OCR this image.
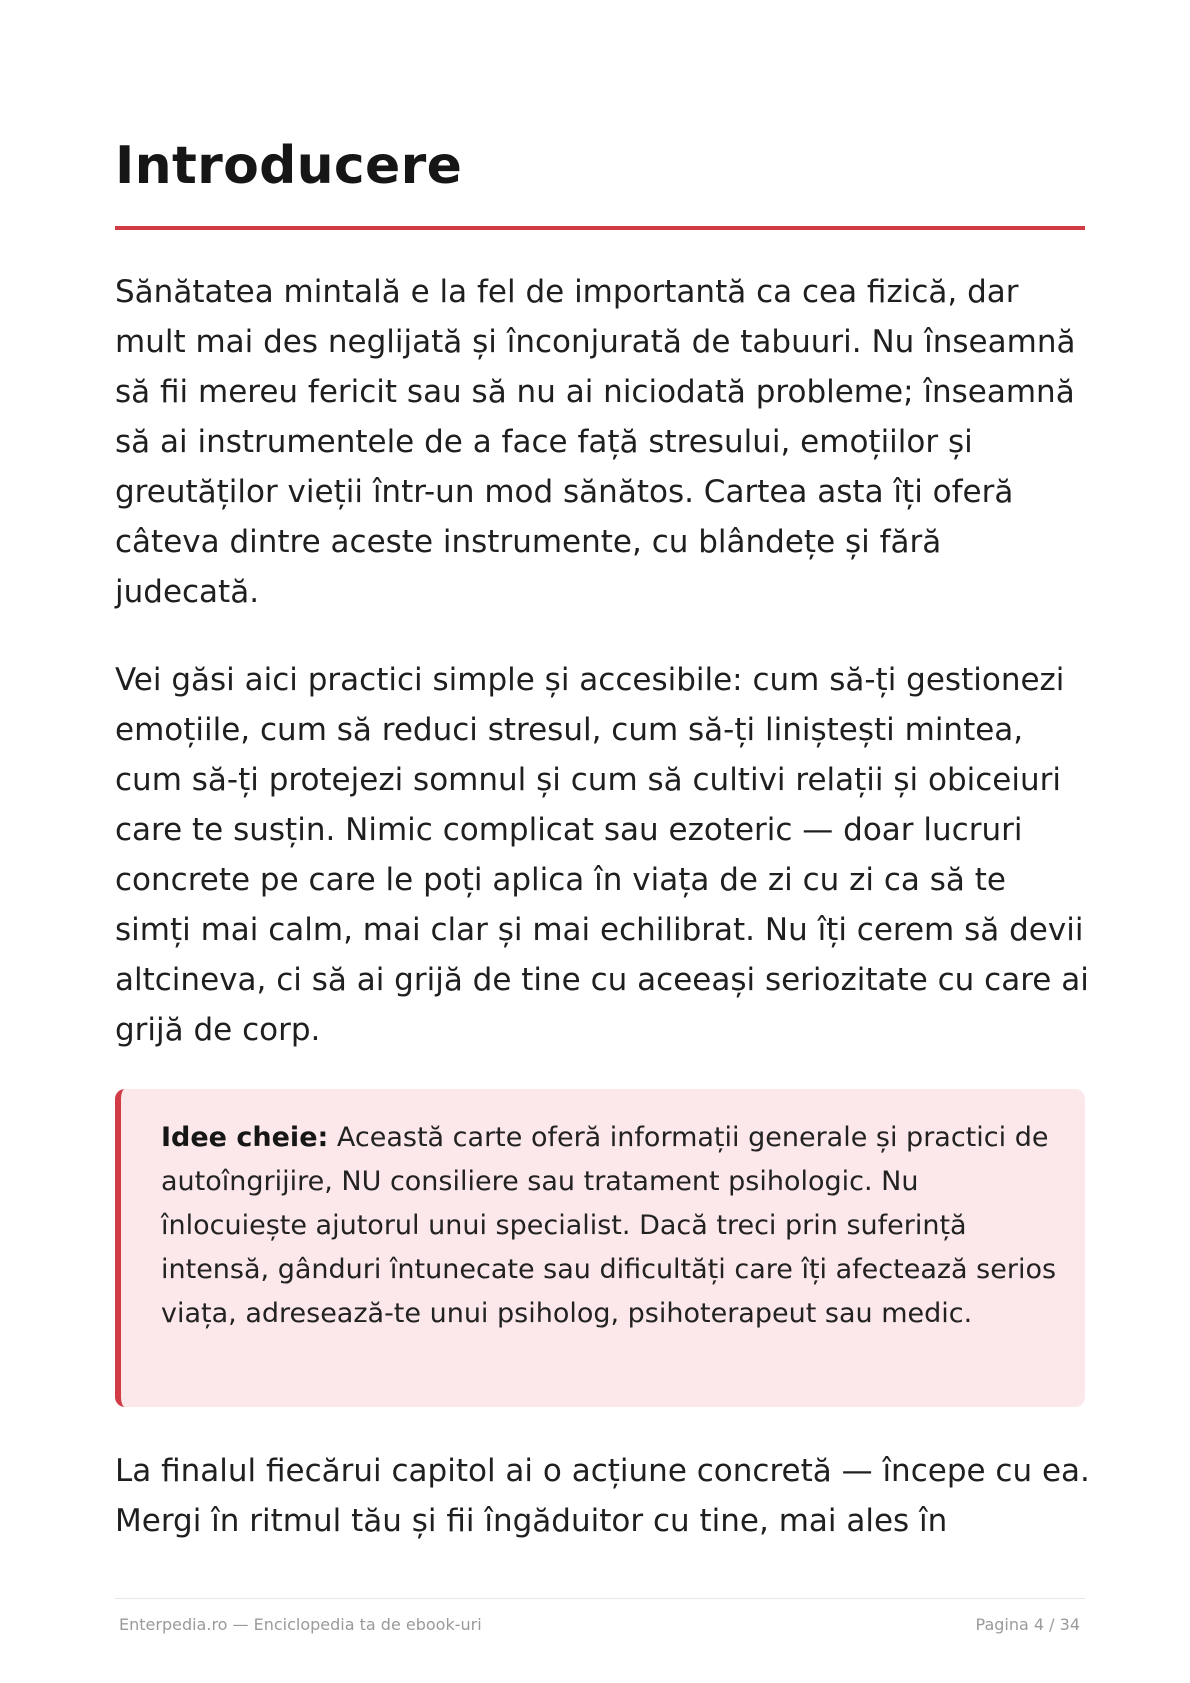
Introducere

Sănătatea mintală e la fel de importantă ca cea fizică, dar mult mai des neglijată și înconjurată de tabuuri. Nu înseamnă să fii mereu fericit sau să nu ai niciodată probleme; înseamnă să ai instrumentele de a face față stresului, emoțiilor și greutăților vieții într-un mod sănătos. Cartea asta îți oferă câteva dintre aceste instrumente, cu blândețe și fără judecată.

Vei găsi aici practici simple și accesibile: cum să-ți gestionezi emoțiile, cum să reduci stresul, cum să-ți liniștești mintea, cum să-ți protejezi somnul și cum să cultivi relații și obiceiuri care te susțin. Nimic complicat sau ezoteric — doar lucruri concrete pe care le poți aplica în viața de zi cu zi ca să te simți mai calm, mai clar și mai echilibrat. Nu îți cerem să devii altcineva, ci să ai grijă de tine cu aceeași seriozitate cu care ai grijă de corp.

Idee cheie: Această carte oferă informații generale și practici de autoîngrijire, NU consiliere sau tratament psihologic. Nu înlocuiește ajutorul unui specialist. Dacă treci prin suferință intensă, gânduri întunecate sau dificultăți care îți afectează serios viața, adresează-te unui psiholog, psihoterapeut sau medic.

La finalul fiecărui capitol ai o acțiune concretă — începe cu ea. Mergi în ritmul tău și fii îngăduitor cu tine, mai ales în

Enterpedia.ro — Enciclopedia ta de ebook-uri	Pagina 4 / 34
